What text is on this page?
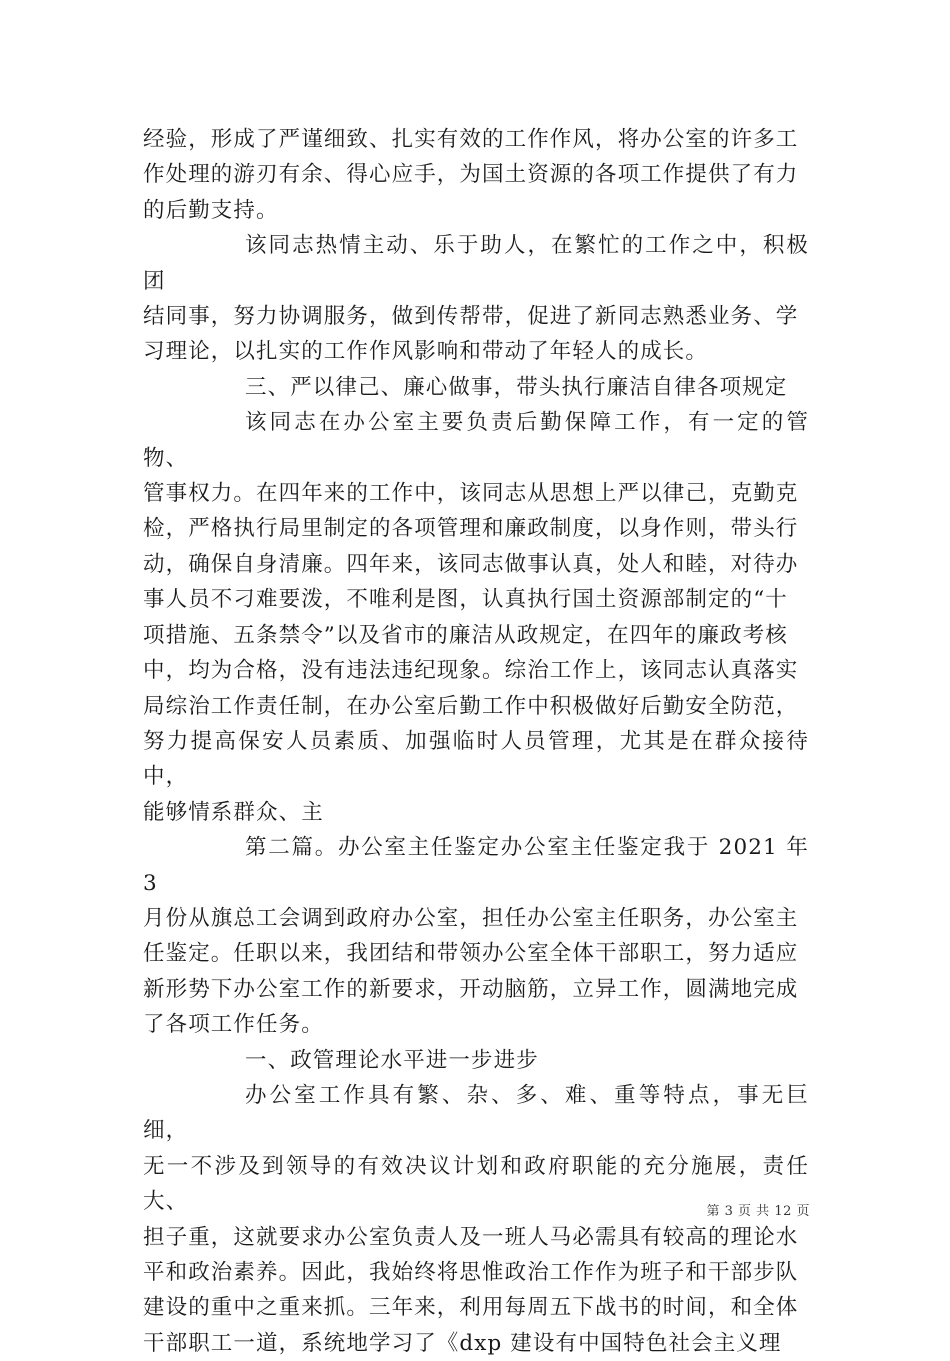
经验，形成了严谨细致、扎实有效的工作作风，将办公室的许多工
作处理的游刃有余、得心应手，为国土资源的各项工作提供了有力
的后勤支持。
该同志热情主动、乐于助人，在繁忙的工作之中，积极团
结同事，努力协调服务，做到传帮带，促进了新同志熟悉业务、学
习理论，以扎实的工作作风影响和带动了年轻人的成长。
三、严以律己、廉心做事，带头执行廉洁自律各项规定
该同志在办公室主要负责后勤保障工作，有一定的管物、
管事权力。在四年来的工作中，该同志从思想上严以律己，克勤克
检，严格执行局里制定的各项管理和廉政制度，以身作则，带头行
动，确保自身清廉。四年来，该同志做事认真，处人和睦，对待办
事人员不刁难要泼，不唯利是图，认真执行国土资源部制定的“十
项措施、五条禁令”以及省市的廉洁从政规定，在四年的廉政考核
中，均为合格，没有违法违纪现象。综治工作上，该同志认真落实
局综治工作责任制，在办公室后勤工作中积极做好后勤安全防范，
努力提高保安人员素质、加强临时人员管理，尤其是在群众接待中，
能够情系群众、主
第二篇。办公室主任鉴定办公室主任鉴定我于 2021 年 3
月份从旗总工会调到政府办公室，担任办公室主任职务，办公室主
任鉴定。任职以来，我团结和带领办公室全体干部职工，努力适应
新形势下办公室工作的新要求，开动脑筋，立异工作，圆满地完成
了各项工作任务。
一、政管理论水平进一步进步
办公室工作具有繁、杂、多、难、重等特点，事无巨细，
无一不涉及到领导的有效决议计划和政府职能的充分施展，责任大、
担子重，这就要求办公室负责人及一班人马必需具有较高的理论水
平和政治素养。因此，我始终将思惟政治工作作为班子和干部步队
建设的重中之重来抓。三年来，利用每周五下战书的时间，和全体
干部职工一道，系统地学习了《dxp 建设有中国特色社会主义理
第 3 页 共 12 页
